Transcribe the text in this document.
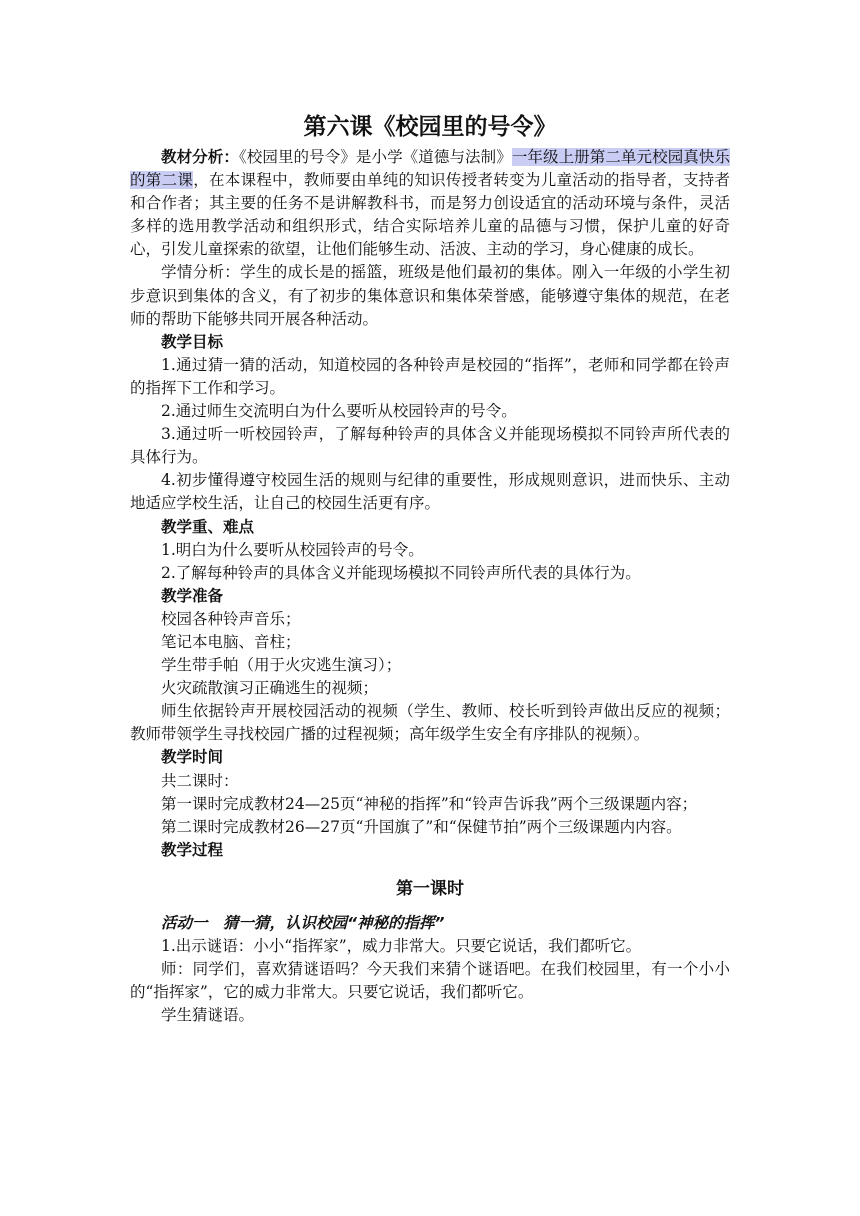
第六课《校园里的号令》

教材分析：《校园里的号令》是小学《道德与法制》一年级上册第二单元校园真快乐的第二课，在本课程中，教师要由单纯的知识传授者转变为儿童活动的指导者，支持者和合作者；其主要的任务不是讲解教科书，而是努力创设适宜的活动环境与条件，灵活多样的选用教学活动和组织形式，结合实际培养儿童的品德与习惯，保护儿童的好奇心，引发儿童探索的欲望，让他们能够生动、活波、主动的学习，身心健康的成长。

学情分析：学生的成长是的摇篮，班级是他们最初的集体。刚入一年级的小学生初步意识到集体的含义，有了初步的集体意识和集体荣誉感，能够遵守集体的规范，在老师的帮助下能够共同开展各种活动。

教学目标

1.通过猜一猜的活动，知道校园的各种铃声是校园的“指挥”，老师和同学都在铃声的指挥下工作和学习。

2.通过师生交流明白为什么要听从校园铃声的号令。

3.通过听一听校园铃声，了解每种铃声的具体含义并能现场模拟不同铃声所代表的具体行为。

4.初步懂得遵守校园生活的规则与纪律的重要性，形成规则意识，进而快乐、主动地适应学校生活，让自己的校园生活更有序。

教学重、难点

1.明白为什么要听从校园铃声的号令。

2.了解每种铃声的具体含义并能现场模拟不同铃声所代表的具体行为。

教学准备

校园各种铃声音乐；

笔记本电脑、音柱；

学生带手帕（用于火灾逃生演习）；

火灾疏散演习正确逃生的视频；

师生依据铃声开展校园活动的视频（学生、教师、校长听到铃声做出反应的视频；教师带领学生寻找校园广播的过程视频；高年级学生安全有序排队的视频）。

教学时间

共二课时：

第一课时完成教材24—25页“神秘的指挥”和“铃声告诉我”两个三级课题内容；

第二课时完成教材26—27页“升国旗了”和“保健节拍”两个三级课题内内容。

教学过程

第一课时

活动一　猜一猜，认识校园“神秘的指挥”

1.出示谜语：小小“指挥家”，威力非常大。只要它说话，我们都听它。

师：同学们，喜欢猜谜语吗？今天我们来猜个谜语吧。在我们校园里，有一个小小的“指挥家”，它的威力非常大。只要它说话，我们都听它。

学生猜谜语。
